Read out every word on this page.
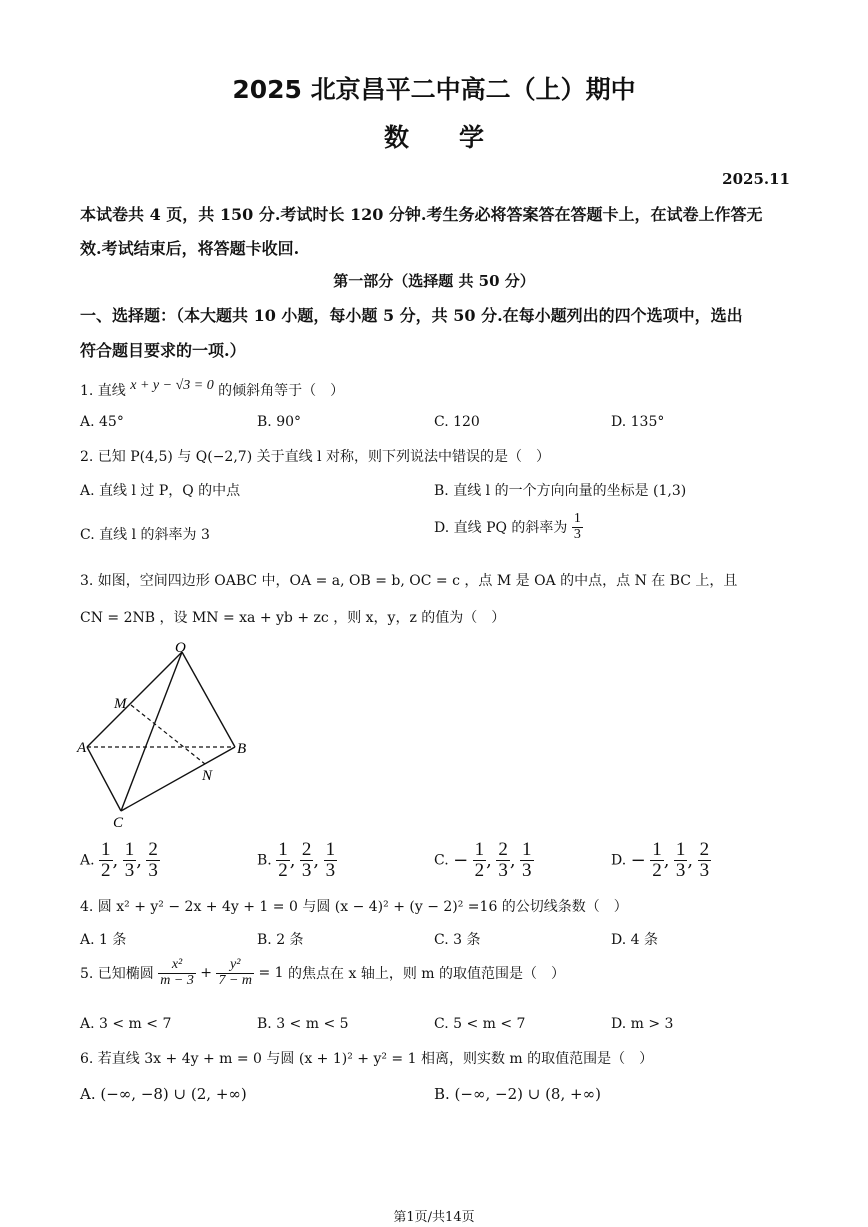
2025 北京昌平二中高二（上）期中
数　　学
2025.11
本试卷共 4 页，共 150 分.考试时长 120 分钟.考生务必将答案答在答题卡上，在试卷上作答无
效.考试结束后，将答题卡收回.
第一部分（选择题 共 50 分）
一、选择题：（本大题共 10 小题，每小题 5 分，共 50 分.在每小题列出的四个选项中，选出
符合题目要求的一项.）
1. 直线 x + y − √3 = 0 的倾斜角等于（　）
A. 45°	B. 90°	C. 120	D. 135°
2. 已知 P(4,5) 与 Q(−2,7) 关于直线 l 对称，则下列说法中错误的是（　）
A. 直线 l 过 P，Q 的中点	B. 直线 l 的一个方向向量的坐标是 (1,3)
C. 直线 l 的斜率为 3	D. 直线 PQ 的斜率为 $\frac{1}{3}$
3. 如图，空间四边形 OABC 中，OA = a, OB = b, OC = c ，点 M 是 OA 的中点，点 N 在 BC 上，且
CN = 2NB ，设 MN = xa + yb + zc ，则 x，y，z 的值为（　）
O
M
A	B
N
C
A. $\frac{1}{2}$ , $\frac{1}{3}$ , $\frac{2}{3}$	B. $\frac{1}{2}$ , $\frac{2}{3}$ , $\frac{1}{3}$	C. − $\frac{1}{2}$ , $\frac{2}{3}$ , $\frac{1}{3}$	D. − $\frac{1}{2}$ , $\frac{1}{3}$ , $\frac{2}{3}$
4. 圆 x² + y² − 2x + 4y + 1 = 0 与圆 (x − 4)² + (y − 2)² =16 的公切线条数（　）
A. 1 条	B. 2 条	C. 3 条	D. 4 条
5. 已知椭圆 $\frac{\text{x²}}{m - 3} + \frac{\text{y²}}{7 - m} = 1$ 的焦点在 x 轴上，则 m 的取值范围是（　）
A. 3 < m < 7	B. 3 < m < 5	C. 5 < m < 7	D. m > 3
6. 若直线 3x + 4y + m = 0 与圆 (x + 1)² + y² = 1 相离，则实数 m 的取值范围是（　）
A. (−∞, −8) ∪ (2, +∞)	B. (−∞, −2) ∪ (8, +∞)
第1页/共14页
